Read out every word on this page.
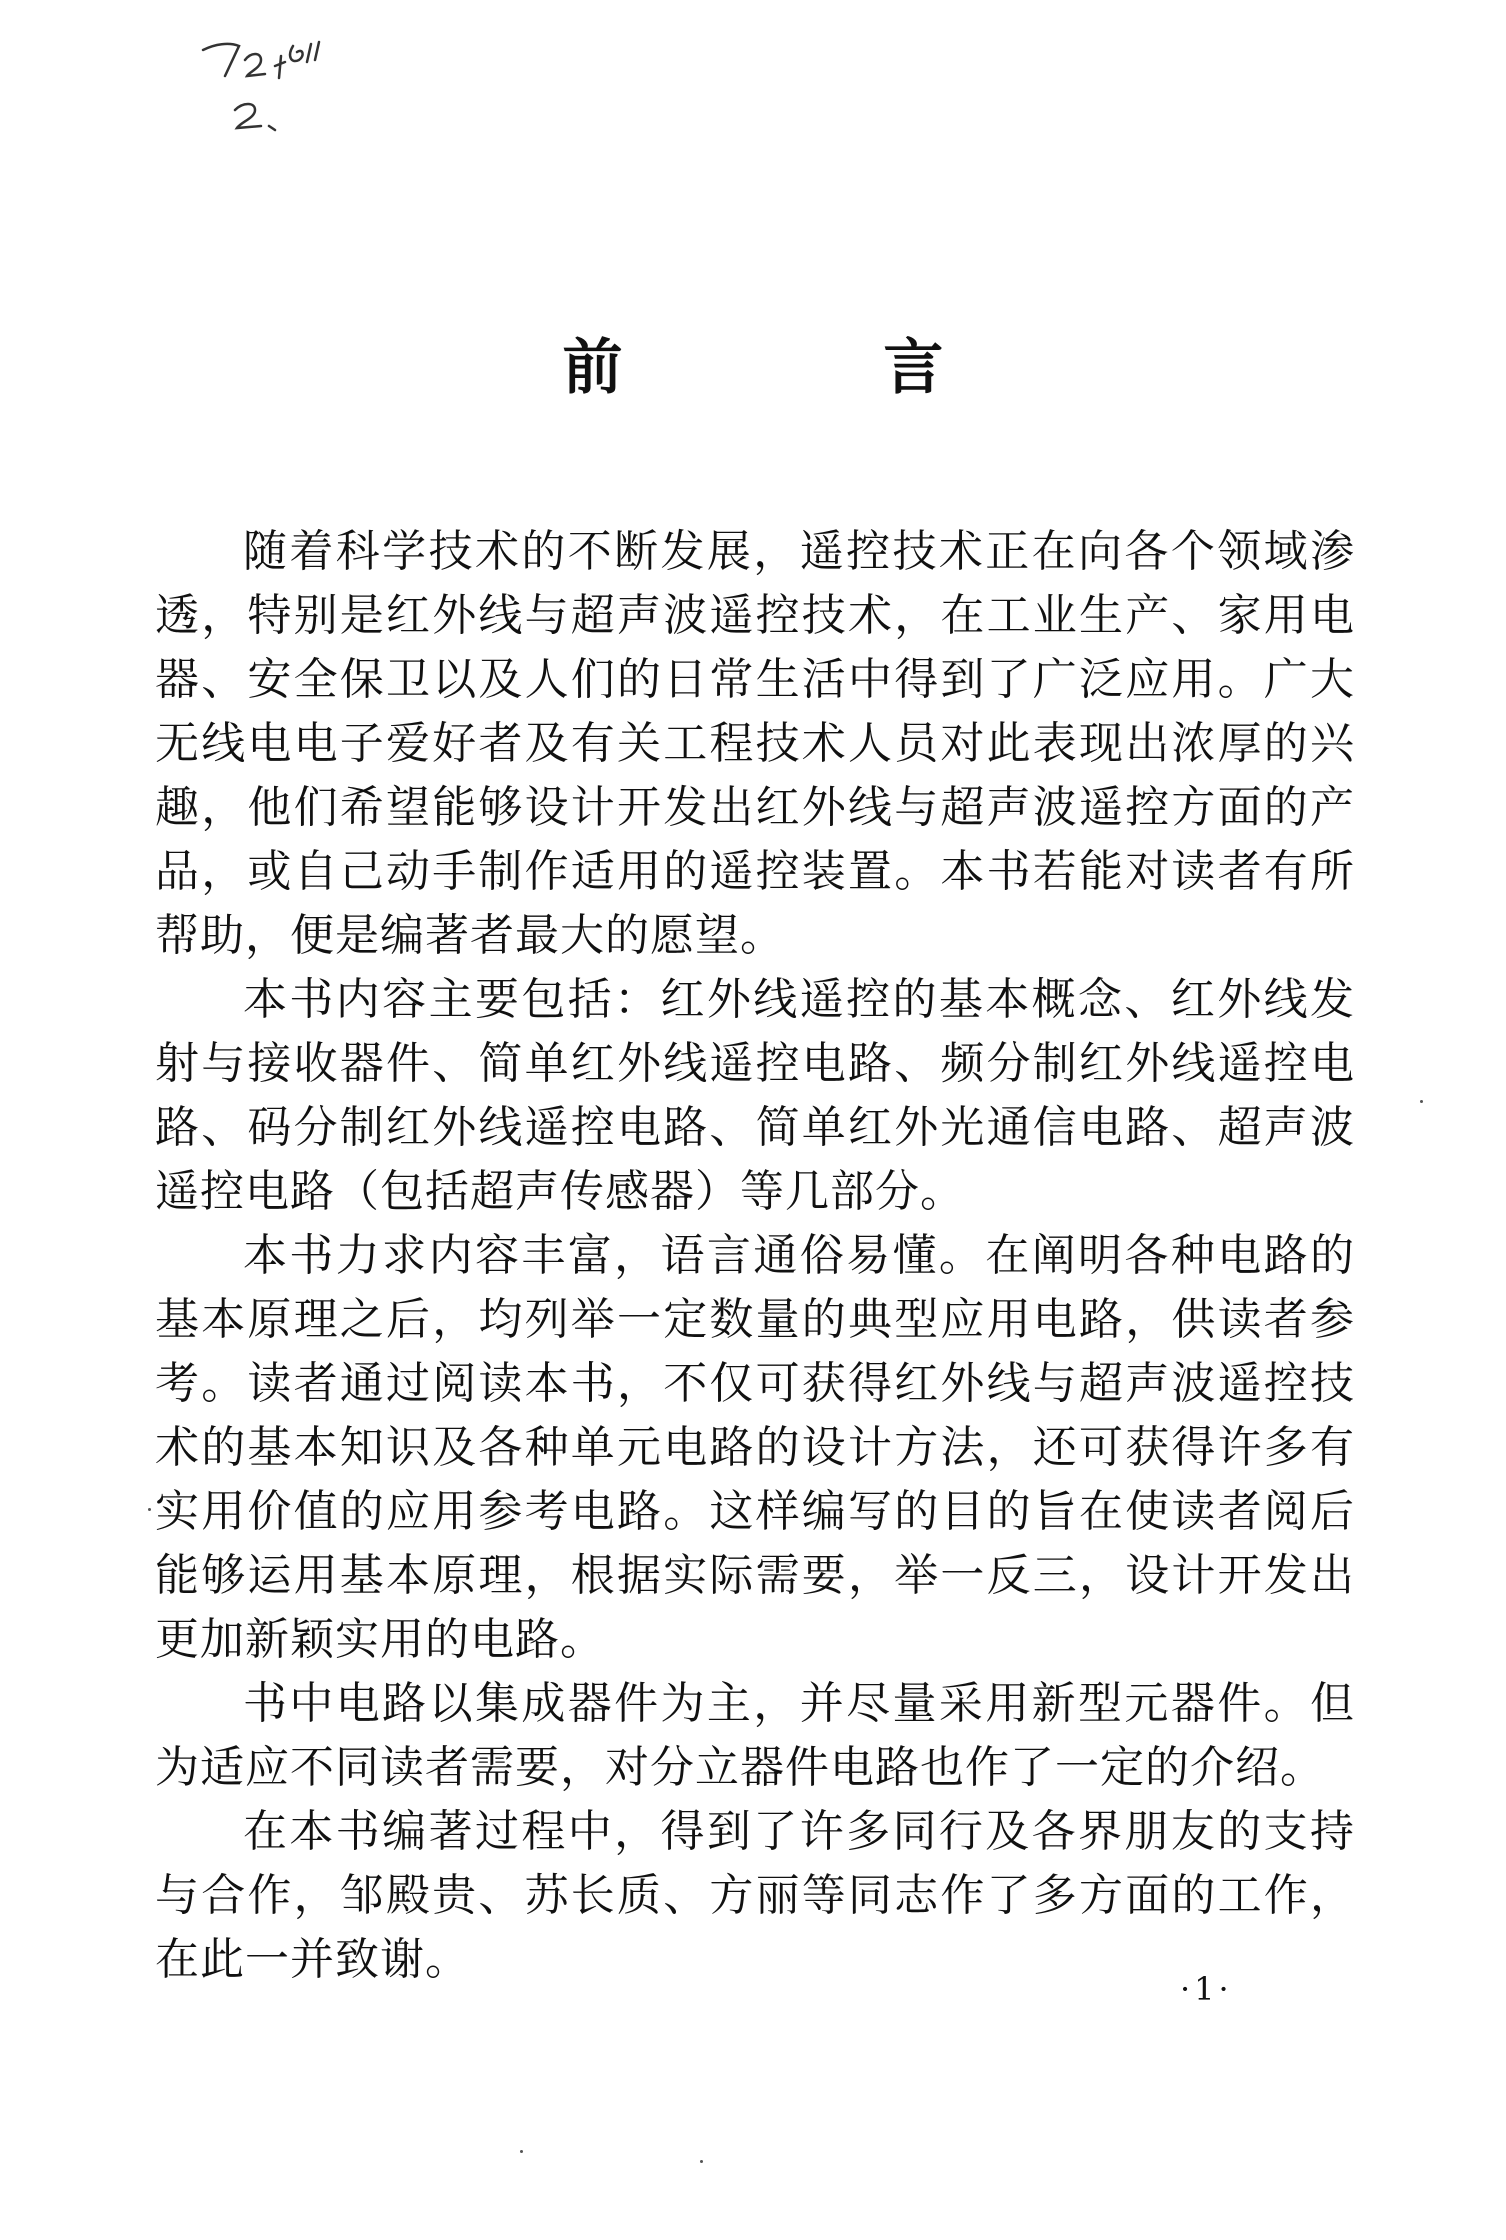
前 言

随着科学技术的不断发展，遥控技术正在向各个领域渗透，特别是红外线与超声波遥控技术，在工业生产、家用电器、安全保卫以及人们的日常生活中得到了广泛应用。广大无线电电子爱好者及有关工程技术人员对此表现出浓厚的兴趣，他们希望能够设计开发出红外线与超声波遥控方面的产品，或自己动手制作适用的遥控装置。本书若能对读者有所帮助，便是编著者最大的愿望。

本书内容主要包括：红外线遥控的基本概念、红外线发射与接收器件、简单红外线遥控电路、频分制红外线遥控电路、码分制红外线遥控电路、简单红外光通信电路、超声波遥控电路（包括超声传感器）等几部分。

本书力求内容丰富，语言通俗易懂。在阐明各种电路的基本原理之后，均列举一定数量的典型应用电路，供读者参考。读者通过阅读本书，不仅可获得红外线与超声波遥控技术的基本知识及各种单元电路的设计方法，还可获得许多有实用价值的应用参考电路。这样编写的目的旨在使读者阅后能够运用基本原理，根据实际需要，举一反三，设计开发出更加新颖实用的电路。

书中电路以集成器件为主，并尽量采用新型元器件。但为适应不同读者需要，对分立器件电路也作了一定的介绍。

在本书编著过程中，得到了许多同行及各界朋友的支持与合作，邹殿贵、苏长质、方丽等同志作了多方面的工作，在此一并致谢。

·1·
